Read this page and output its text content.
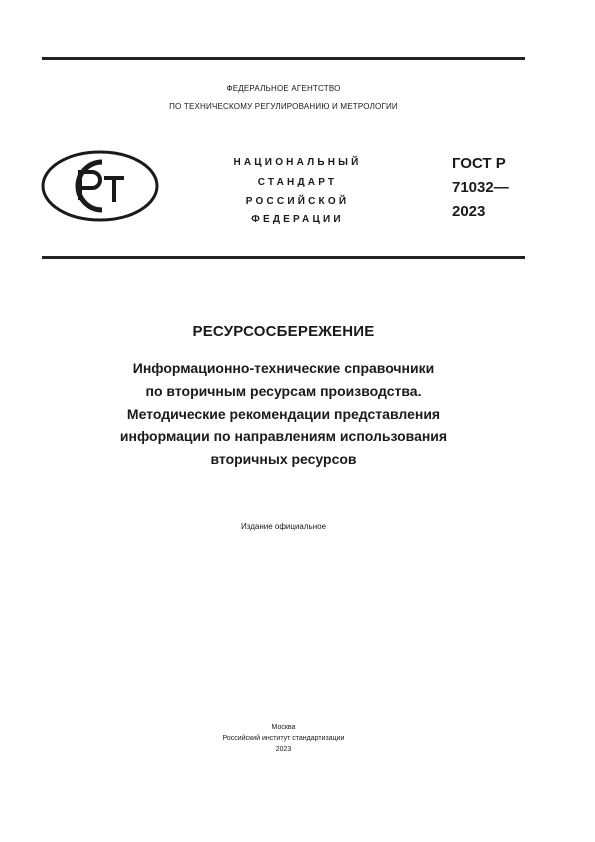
ФЕДЕРАЛЬНОЕ АГЕНТСТВО
ПО ТЕХНИЧЕСКОМУ РЕГУЛИРОВАНИЮ И МЕТРОЛОГИИ
НАЦИОНАЛЬНЫЙ
СТАНДАРТ
РОССИЙСКОЙ
ФЕДЕРАЦИИ
ГОСТ Р
71032—
2023
РЕСУРСОСБЕРЕЖЕНИЕ
Информационно-технические справочники
по вторичным ресурсам производства.
Методические рекомендации представления
информации по направлениям использования
вторичных ресурсов
Издание официальное
Москва
Российский институт стандартизации
2023
